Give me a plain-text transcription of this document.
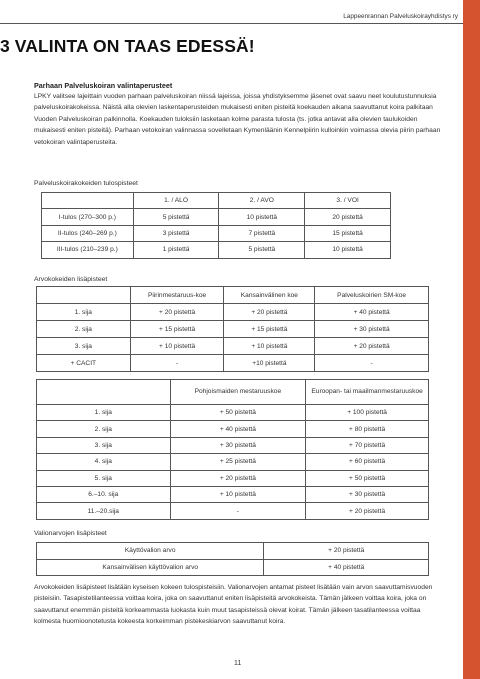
Lappeenrannan Palveluskoirayhdistys ry
3 VALINTA ON TAAS EDESSÄ!
Parhaan Palveluskoiran valintaperusteet

LPKY valitsee lajeittain vuoden parhaan palveluskoiran niissä lajeissa, joissa yhdistyksemme jäsenet ovat saavu neet koulutustunnuksia palveluskoirakokeissa. Näistä alla olevien laskentaperusteiden mukaisesti eniten pisteitä koekauden aikana saavuttanut koira palkitaan Vuoden Palveluskoiran palkinnolla. Koekauden tuloksiin lasketaan kolme parasta tulosta (ts. jotka antavat alla olevien taulukoiden mukaisesti eniten pisteitä). Parhaan vetokoiran valinnassa sovelletaan Kymenläänin Kennelpiirin kulloinkin voimassa olevia piirin parhaan vetokoiran valintaperusteita.

Palveluskoirakokeiden tulospisteet
	1. / ALO	2. / AVO	3. / VOI
I-tulos (270–300 p.)	5 pistettä	10 pistettä	20 pistettä
II-tulos (240–269 p.)	3 pistettä	7 pistettä	15 pistettä
III-tulos (210–239 p.)	1 pistettä	5 pistettä	10 pistettä
Arvokokeiden lisäpisteet
	Piirinmestaruus-koe	Kansainvälinen koe	Palveluskoirien SM-koe
1. sija	+ 20 pistettä	+ 20 pistettä	+ 40 pistettä
2. sija	+ 15 pistettä	+ 15 pistettä	+ 30 pistettä
3. sija	+ 10 pistettä	+ 10 pistettä	+ 20 pistettä
+ CACIT	-	+10 pistettä	-
	Pohjoismaiden mestaruuskoe	Euroopan- tai maailmanmestaruuskoe
1. sija	+ 50 pistettä	+ 100 pistettä
2. sija	+ 40 pistettä	+ 80 pistettä
3. sija	+ 30 pistettä	+ 70 pistettä
4. sija	+ 25 pistettä	+ 60 pistettä
5. sija	+ 20 pistettä	+ 50 pistettä
6.–10. sija	+ 10 pistettä	+ 30 pistettä
11.–20.sija	-	+ 20 pistettä
Valionarvojen lisäpisteet
Käyttövalion arvo	+ 20 pistettä
Kansainvälisen käyttövalion arvo	+ 40 pistettä

Arvokokeiden lisäpisteet lisätään kyseisen kokeen tulospisteisiin. Valionarvojen antamat pisteet lisätään vain arvon saavuttamisvuoden pisteisiin. Tasapistetilanteessa voittaa koira, joka on saavuttanut eniten lisäpisteitä arvokokeista. Tämän jälkeen voittaa koira, joka on saavuttanut enemmän pisteitä korkeammasta luokasta kuin muut tasapisteissä olevat koirat. Tämän jälkeen tasatilanteessa voittaa kolmesta huomioonotetusta kokeesta korkeimman pistekeskiarvon saavuttanut koira.

11
